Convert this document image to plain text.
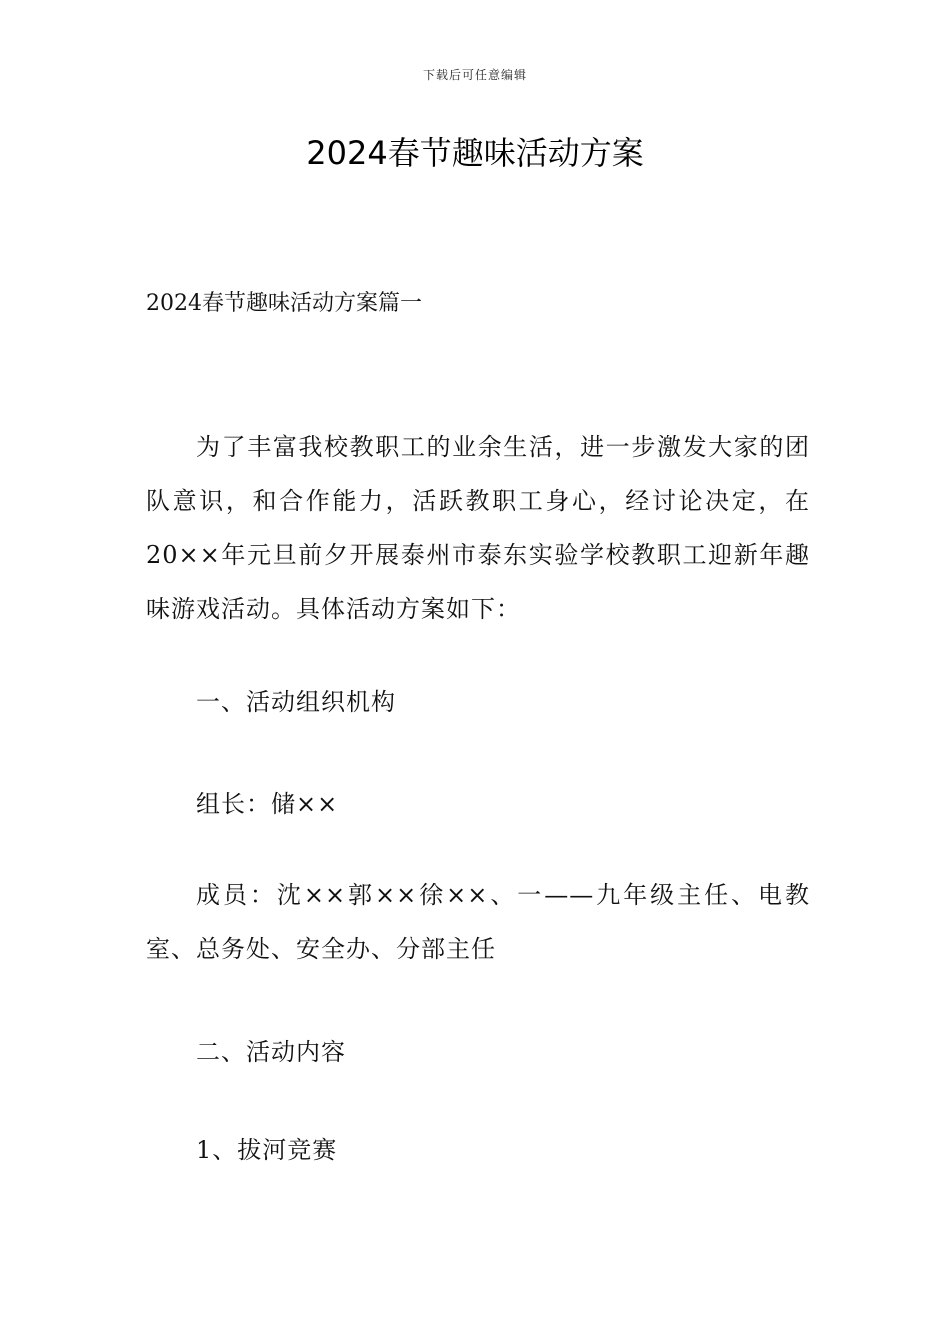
下载后可任意编辑
2024春节趣味活动方案
2024春节趣味活动方案篇一

为了丰富我校教职工的业余生活，进一步激发大家的团队意识，和合作能力，活跃教职工身心，经讨论决定，在20××年元旦前夕开展泰州市泰东实验学校教职工迎新年趣味游戏活动。具体活动方案如下：

一、活动组织机构

组长：储××

成员：沈××郭××徐××、一——九年级主任、电教室、总务处、安全办、分部主任

二、活动内容

1、拔河竞赛
